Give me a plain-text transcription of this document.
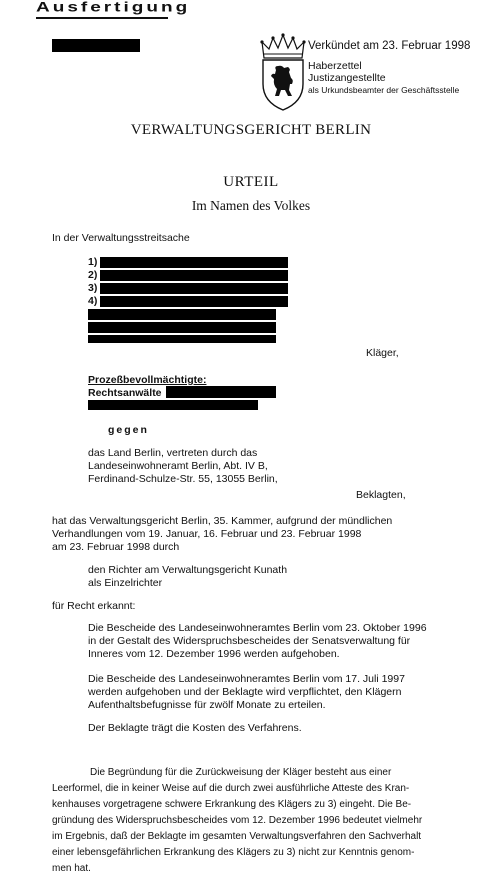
Ausfertigung
Verkündet am 23. Februar 1998
Haberzettel
Justizangestellte
als Urkundsbeamter der Geschäftsstelle
VERWALTUNGSGERICHT BERLIN
URTEIL
Im Namen des Volkes
In der Verwaltungsstreitsache
1)
2)
3)
4)
Kläger,
Prozeßbevollmächtigte:
Rechtsanwälte
gegen
das Land Berlin, vertreten durch das
Landeseinwohneramt Berlin, Abt. IV B,
Ferdinand-Schulze-Str. 55, 13055 Berlin,
Beklagten,
hat das Verwaltungsgericht Berlin, 35. Kammer, aufgrund der mündlichen
Verhandlungen vom 19. Januar, 16. Februar und 23. Februar 1998
am 23. Februar 1998 durch
den Richter am Verwaltungsgericht Kunath
als Einzelrichter
für Recht erkannt:
Die Bescheide des Landeseinwohneramtes Berlin vom 23. Oktober 1996
in der Gestalt des Widerspruchsbescheides der Senatsverwaltung für
Inneres vom 12. Dezember 1996 werden aufgehoben.
Die Bescheide des Landeseinwohneramtes Berlin vom 17. Juli 1997
werden aufgehoben und der Beklagte wird verpflichtet, den Klägern
Aufenthaltsbefugnisse für zwölf Monate zu erteilen.
Der Beklagte trägt die Kosten des Verfahrens.
Die Begründung für die Zurückweisung der Kläger besteht aus einer
Leerformel, die in keiner Weise auf die durch zwei ausführliche Atteste des Kran-
kenhauses vorgetragene schwere Erkrankung des Klägers zu 3) eingeht. Die Be-
gründung des Widerspruchsbescheides vom 12. Dezember 1996 bedeutet vielmehr
im Ergebnis, daß der Beklagte im gesamten Verwaltungsverfahren den Sachverhalt
einer lebensgefährlichen Erkrankung des Klägers zu 3) nicht zur Kenntnis genom-
men hat.
